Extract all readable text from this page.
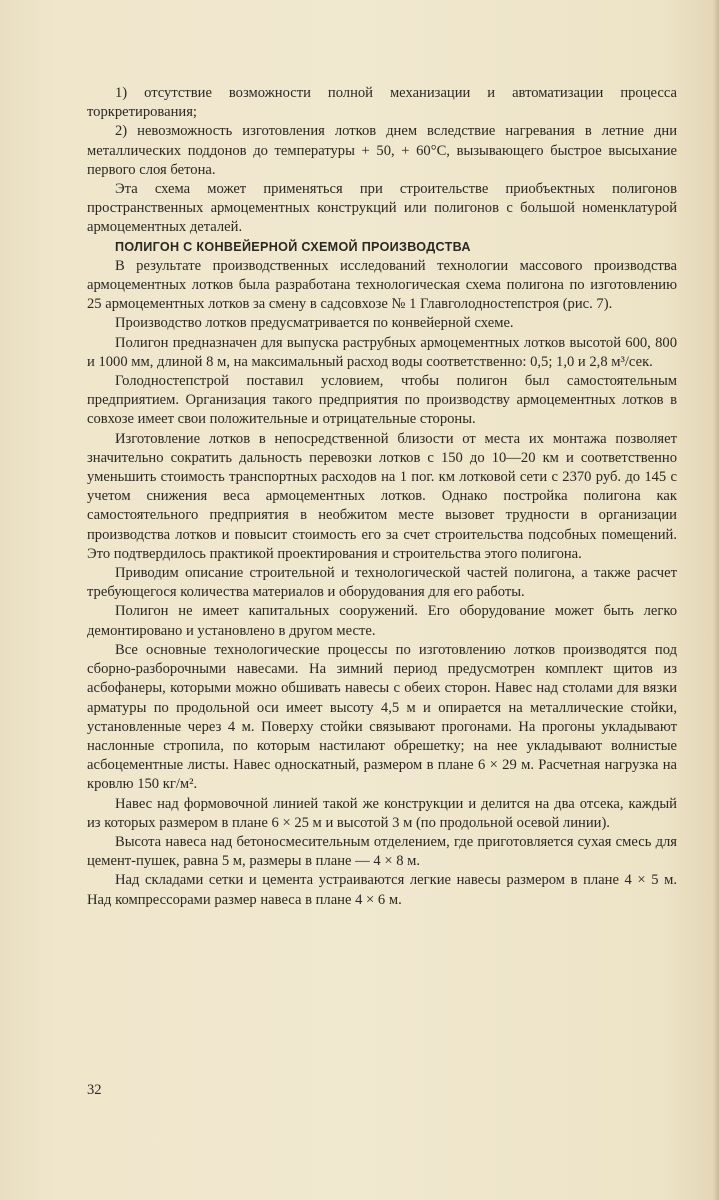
1) отсутствие возможности полной механизации и автоматизации процесса торкретирования;

2) невозможность изготовления лотков днем вследствие нагревания в летние дни металлических поддонов до температуры + 50, + 60°C, вызывающего быстрое высыхание первого слоя бетона.

Эта схема может применяться при строительстве приобъектных полигонов пространственных армоцементных конструкций или полигонов с большой номенклатурой армоцементных деталей.

ПОЛИГОН С КОНВЕЙЕРНОЙ СХЕМОЙ ПРОИЗВОДСТВА

В результате производственных исследований технологии массового производства армоцементных лотков была разработана технологическая схема полигона по изготовлению 25 армоцементных лотков за смену в садсовхозе № 1 Главголодностепстроя (рис. 7).

Производство лотков предусматривается по конвейерной схеме.

Полигон предназначен для выпуска раструбных армоцементных лотков высотой 600, 800 и 1000 мм, длиной 8 м, на максимальный расход воды соответственно: 0,5; 1,0 и 2,8 м³/сек.

Голодностепстрой поставил условием, чтобы полигон был самостоятельным предприятием. Организация такого предприятия по производству армоцементных лотков в совхозе имеет свои положительные и отрицательные стороны.

Изготовление лотков в непосредственной близости от места их монтажа позволяет значительно сократить дальность перевозки лотков с 150 до 10—20 км и соответственно уменьшить стоимость транспортных расходов на 1 пог. км лотковой сети с 2370 руб. до 145 с учетом снижения веса армоцементных лотков. Однако постройка полигона как самостоятельного предприятия в необжитом месте вызовет трудности в организации производства лотков и повысит стоимость его за счет строительства подсобных помещений. Это подтвердилось практикой проектирования и строительства этого полигона.

Приводим описание строительной и технологической частей полигона, а также расчет требующегося количества материалов и оборудования для его работы.

Полигон не имеет капитальных сооружений. Его оборудование может быть легко демонтировано и установлено в другом месте.

Все основные технологические процессы по изготовлению лотков производятся под сборно-разборочными навесами. На зимний период предусмотрен комплект щитов из асбофанеры, которыми можно обшивать навесы с обеих сторон. Навес над столами для вязки арматуры по продольной оси имеет высоту 4,5 м и опирается на металлические стойки, установленные через 4 м. Поверху стойки связывают прогонами. На прогоны укладывают наслонные стропила, по которым настилают обрешетку; на нее укладывают волнистые асбоцементные листы. Навес односкатный, размером в плане 6 × 29 м. Расчетная нагрузка на кровлю 150 кг/м².

Навес над формовочной линией такой же конструкции и делится на два отсека, каждый из которых размером в плане 6 × 25 м и высотой 3 м (по продольной осевой линии).

Высота навеса над бетоносмесительным отделением, где приготовляется сухая смесь для цемент-пушек, равна 5 м, размеры в плане — 4 × 8 м.

Над складами сетки и цемента устраиваются легкие навесы размером в плане 4 × 5 м. Над компрессорами размер навеса в плане 4 × 6 м.

32
